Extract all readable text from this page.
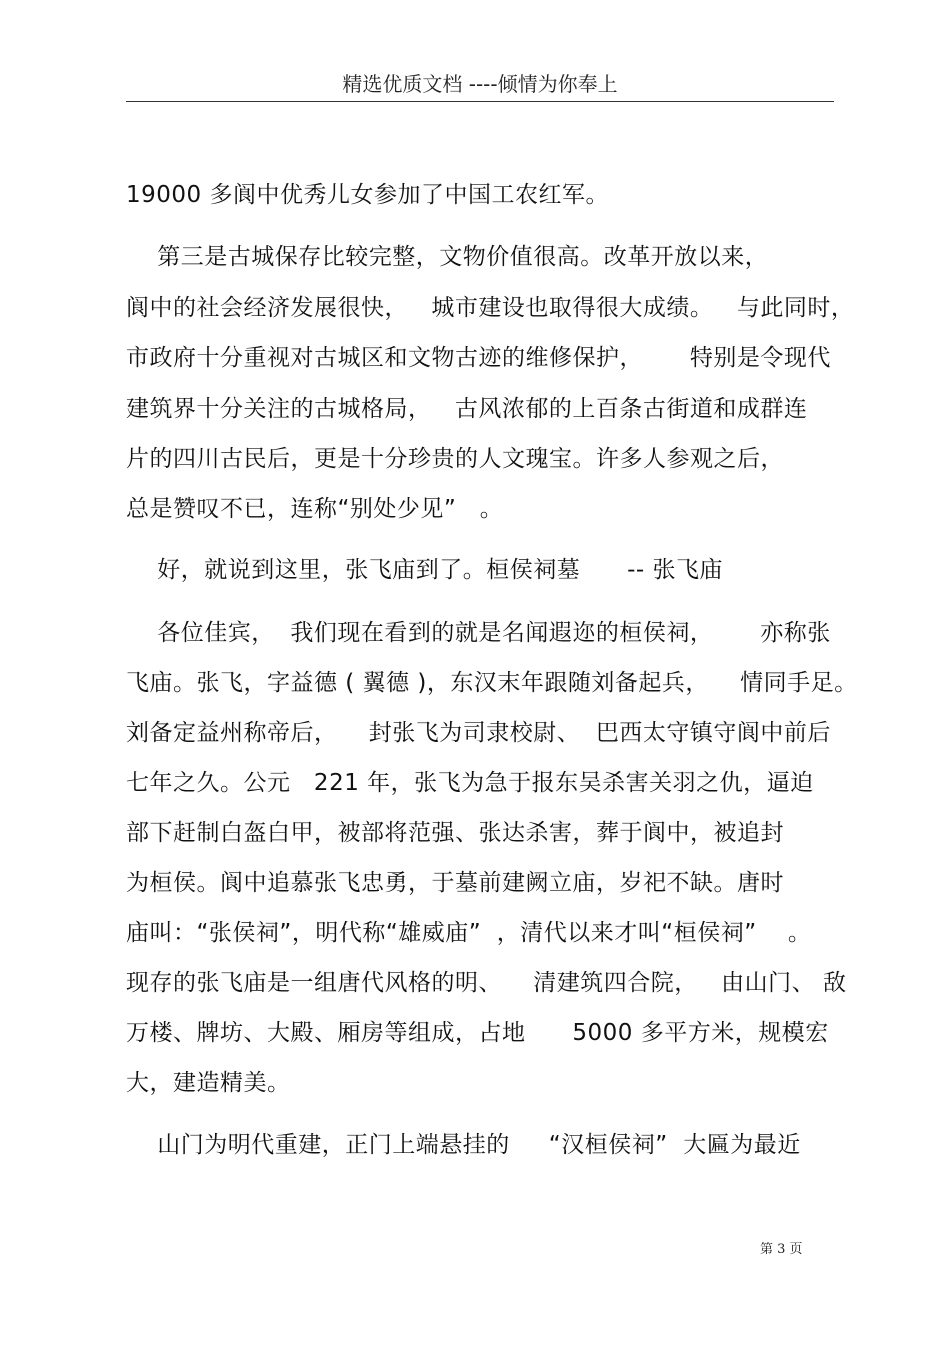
精选优质文档 ----倾情为你奉上
19000 多阆中优秀儿女参加了中国工农红军。
第三是古城保存比较完整，文物价值很高。改革开放以来，
阆中的社会经济发展很快，   城市建设也取得很大成绩。   与此同时，
市政府十分重视对古城区和文物古迹的维修保护，      特别是令现代
建筑界十分关注的古城格局，   古风浓郁的上百条古街道和成群连
片的四川古民后，更是十分珍贵的人文瑰宝。许多人参观之后，
总是赞叹不已，连称“别处少见”   。
好，就说到这里，张飞庙到了。桓侯祠墓      -- 张飞庙
各位佳宾，  我们现在看到的就是名闻遐迩的桓侯祠，      亦称张
飞庙。张飞，字益德 ( 翼德 )，东汉末年跟随刘备起兵，    情同手足。
刘备定益州称帝后，    封张飞为司隶校尉、  巴西太守镇守阆中前后
七年之久。公元   221 年，张飞为急于报东吴杀害关羽之仇，逼迫
部下赶制白盔白甲，被部将范强、张达杀害，葬于阆中，被追封
为桓侯。阆中追慕张飞忠勇，于墓前建阙立庙，岁祀不缺。唐时
庙叫：“张侯祠”，明代称“雄威庙”  ，清代以来才叫“桓侯祠”    。
现存的张飞庙是一组唐代风格的明、    清建筑四合院，   由山门、 敌
万楼、牌坊、大殿、厢房等组成，占地      5000 多平方米，规模宏
大，建造精美。
山门为明代重建，正门上端悬挂的     “汉桓侯祠”  大匾为最近
第 3 页
